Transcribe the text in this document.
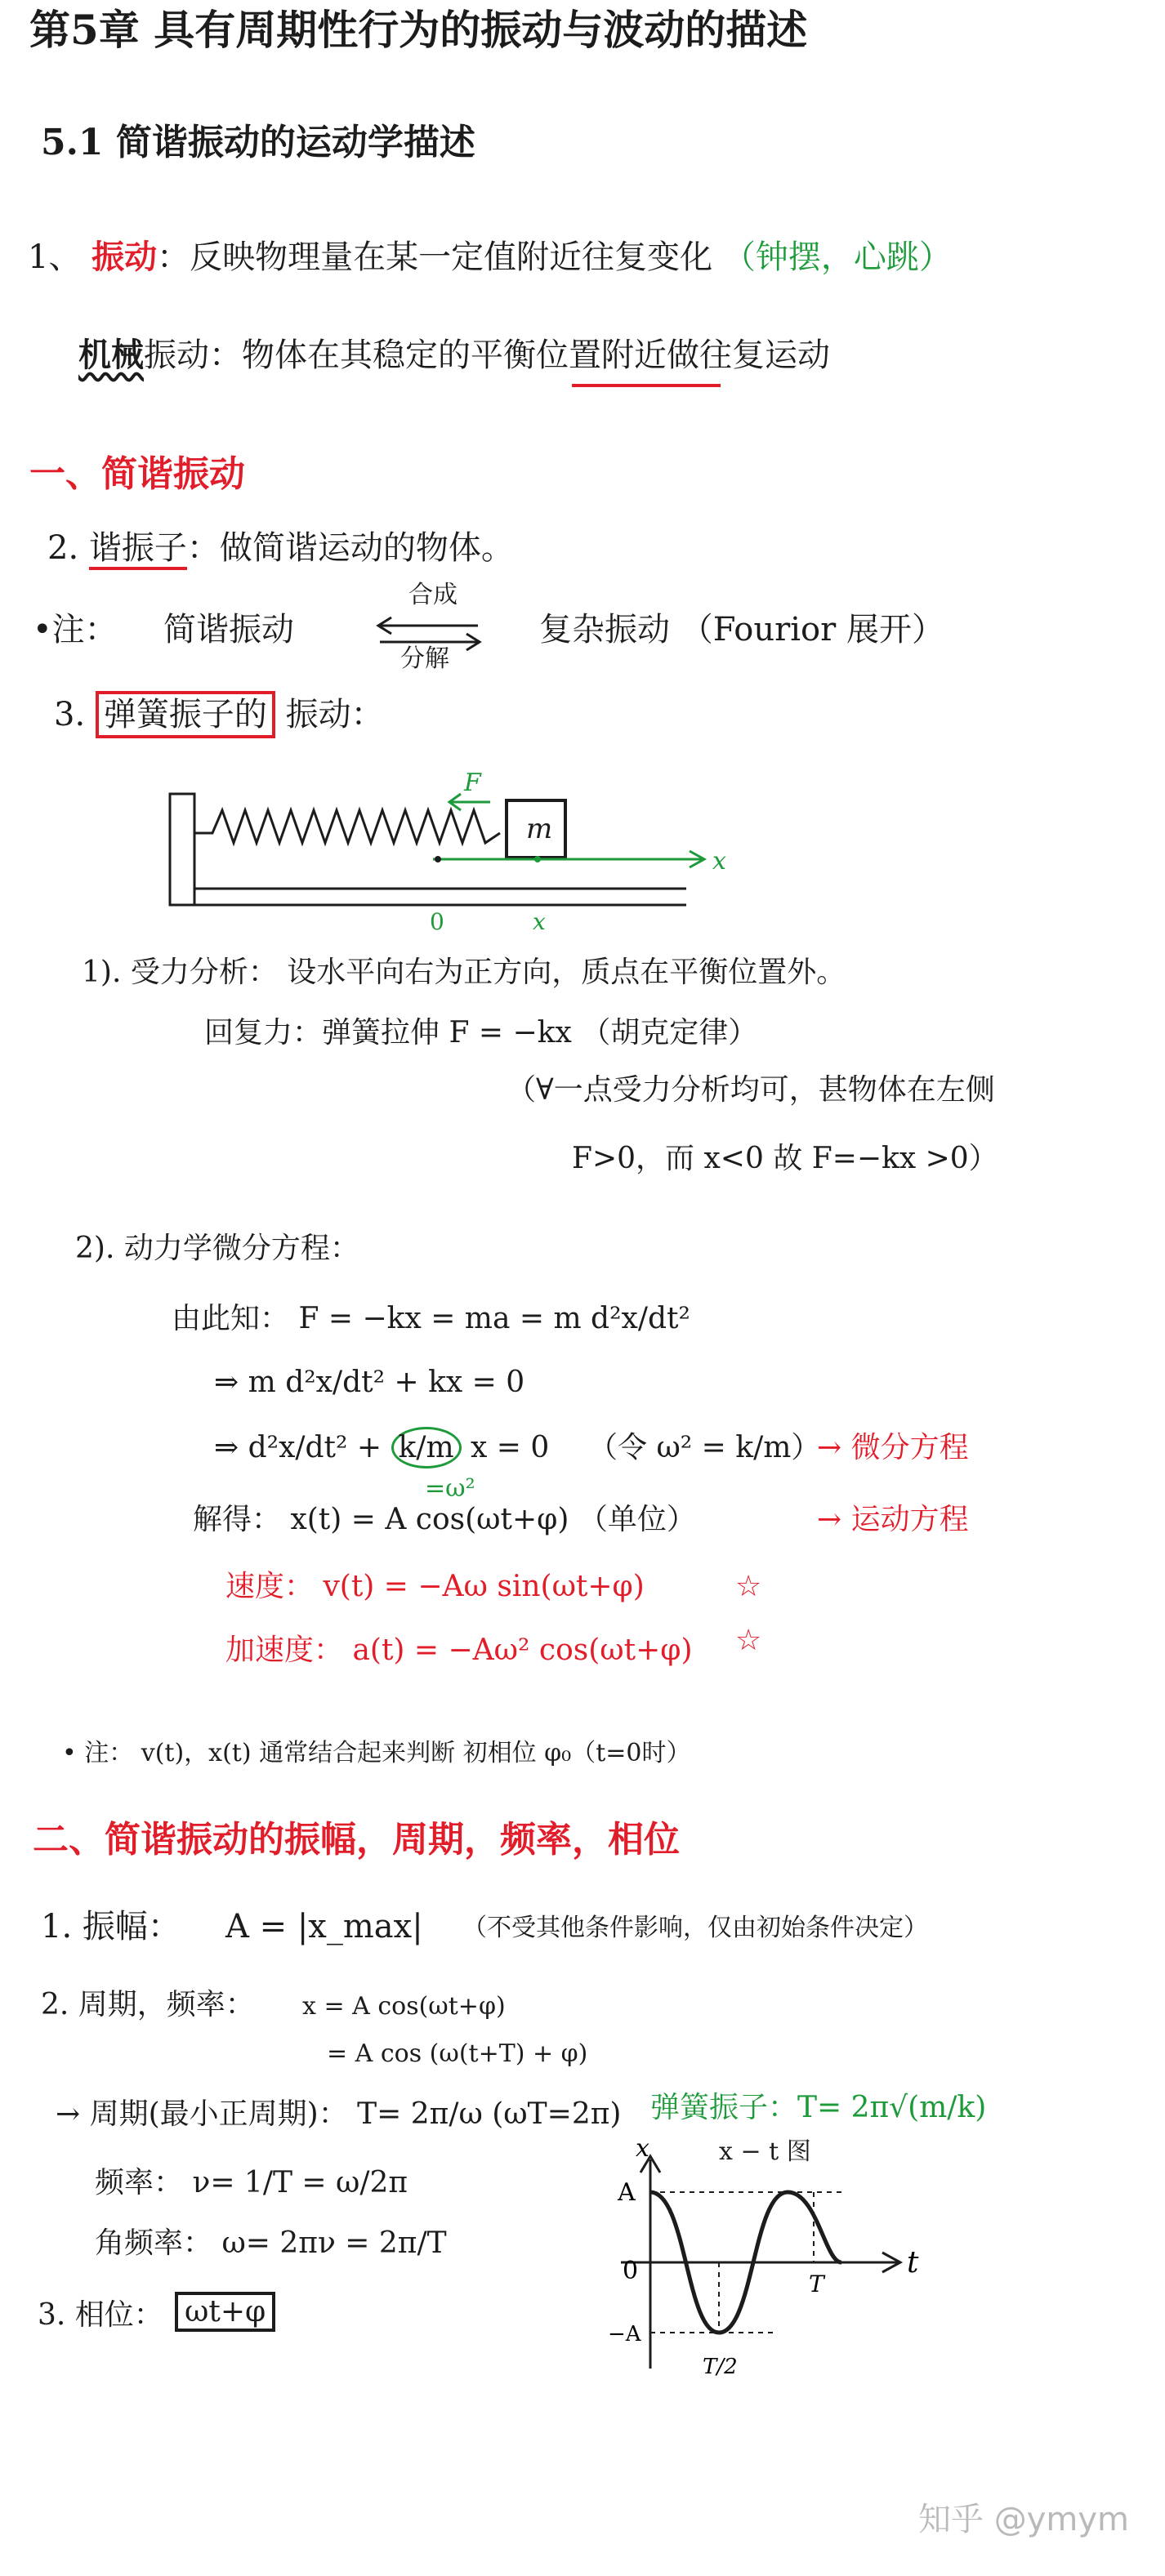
第5章 具有周期性行为的振动与波动的描述
5.1 简谐振动的运动学描述
1、 振动：反映物理量在某一定值附近往复变化 （钟摆，心跳）
机械振动：物体在其稳定的平衡位置附近做往复运动
一、简谐振动
2. 谐振子：做简谐运动的物体。
•注： 简谐振动
合成
分解
复杂振动 （Fourior 展开）
3. 弹簧振子的 振动：
F
m
0	x
x
1). 受力分析： 设水平向右为正方向，质点在平衡位置外。
回复力：弹簧拉伸 F = −kx （胡克定律）
（∀一点受力分析均可，甚物体在左侧
F>0，而 x<0 故 F=−kx >0）
2). 动力学微分方程：
由此知： F = −kx = ma = m d²x/dt²
⇒ m d²x/dt² + kx = 0
⇒ d²x/dt² + k/m x = 0
=ω²
（令 ω² = k/m）
→ 微分方程
解得： x(t) = A cos(ωt+φ) （单位）	→ 运动方程
速度： v(t) = −Aω sin(ωt+φ)	☆
加速度： a(t) = −Aω² cos(ωt+φ) ☆
• 注： v(t)，x(t) 通常结合起来判断 初相位 φ₀（t=0时）
二、简谐振动的振幅，周期，频率，相位
1. 振幅： A = |x_max| （不受其他条件影响，仅由初始条件决定）
2. 周期，频率： x = A cos(ωt+φ)
= A cos (ω(t+T) + φ)
→ 周期(最小正周期)： T= 2π/ω (ωT=2π) 弹簧振子：T= 2π√(m/k)
频率： ν= 1/T = ω/2π
角频率： ω= 2πν = 2π/T
x − t 图
x
t
A
0
−A
T
T/2
3. 相位： ωt+φ
知乎 @ymym
